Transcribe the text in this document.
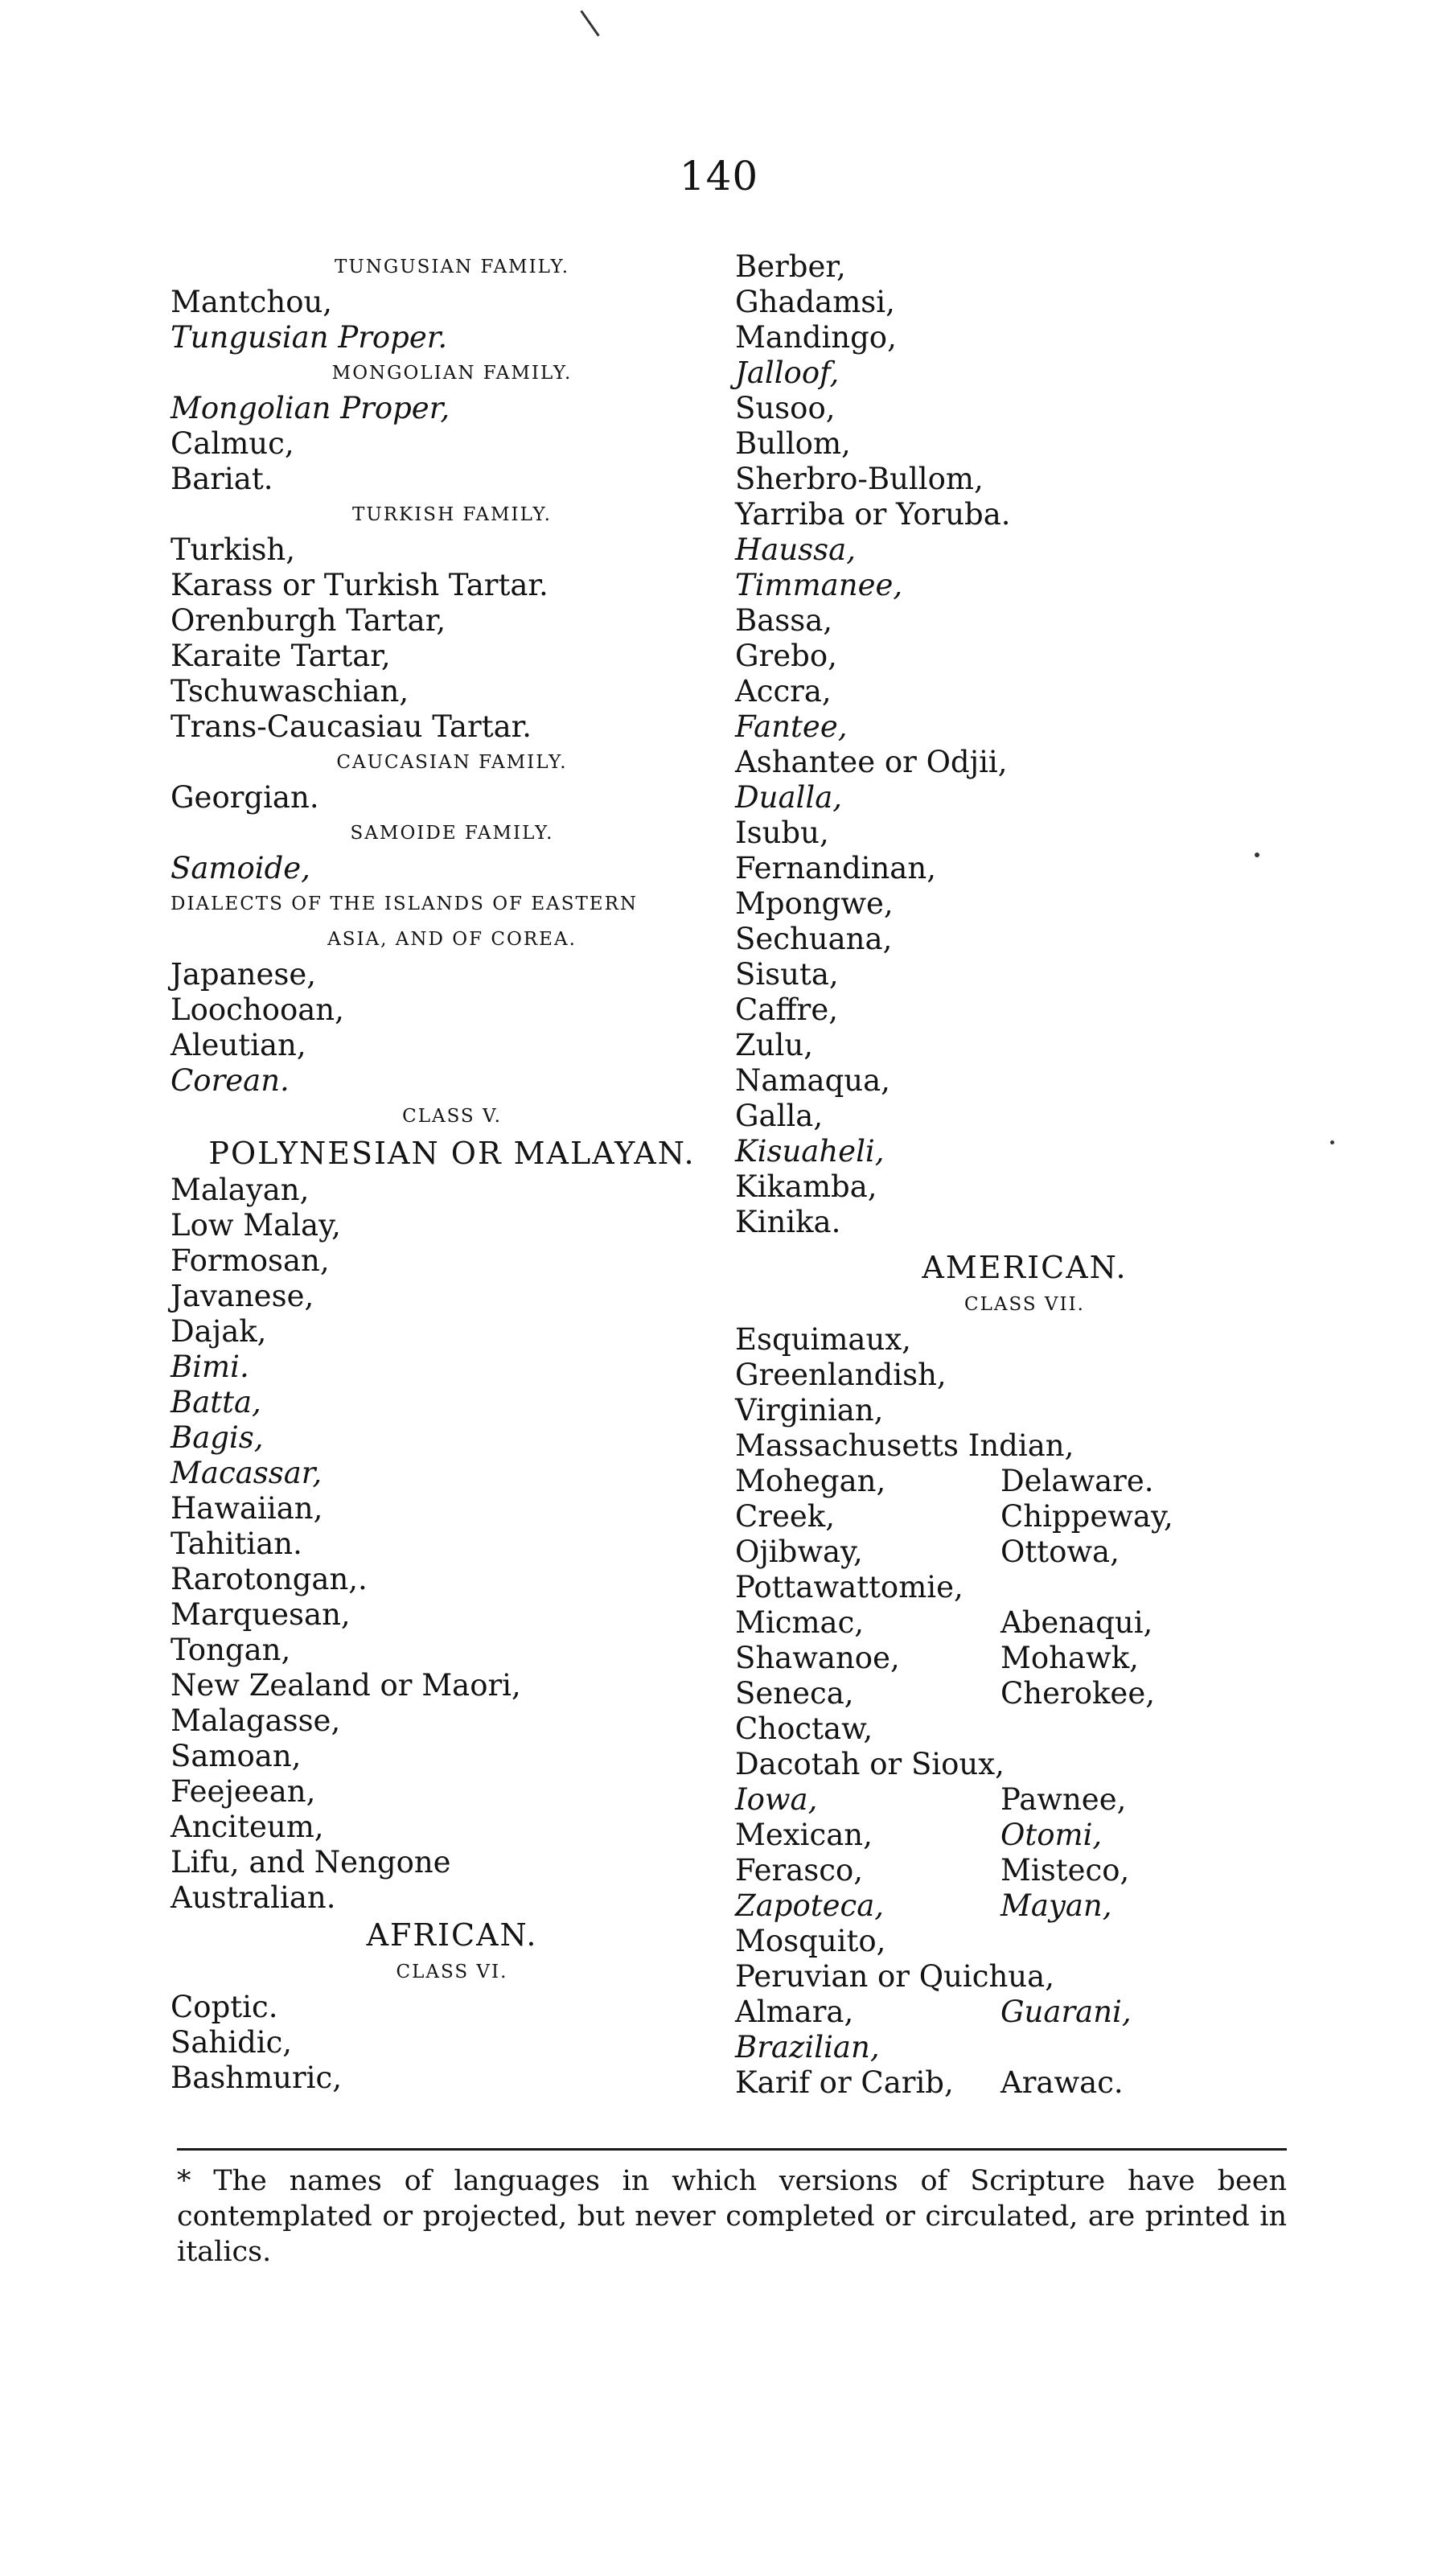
140
TUNGUSIAN FAMILY.
Mantchou,
Tungusian Proper.
MONGOLIAN FAMILY.
Mongolian Proper,
Calmuc,
Bariat.
TURKISH FAMILY.
Turkish,
Karass or Turkish Tartar.
Orenburgh Tartar,
Karaite Tartar,
Tschuwaschian,
Trans-Caucasiau Tartar.
CAUCASIAN FAMILY.
Georgian.
SAMOIDE FAMILY.
Samoide,
DIALECTS OF THE ISLANDS OF EASTERN
ASIA, AND OF COREA.
Japanese,
Loochooan,
Aleutian,
Corean.
CLASS V.
POLYNESIAN OR MALAYAN.
Malayan,
Low Malay,
Formosan,
Javanese,
Dajak,
Bimi.
Batta,
Bagis,
Macassar,
Hawaiian,
Tahitian.
Rarotongan,.
Marquesan,
Tongan,
New Zealand or Maori,
Malagasse,
Samoan,
Feejeean,
Anciteum,
Lifu, and Nengone
Australian.
AFRICAN.
CLASS VI.
Coptic.
Sahidic,
Bashmuric,
Berber,
Ghadamsi,
Mandingo,
Jalloof,
Susoo,
Bullom,
Sherbro-Bullom,
Yarriba or Yoruba.
Haussa,
Timmanee,
Bassa,
Grebo,
Accra,
Fantee,
Ashantee or Odjii,
Dualla,
Isubu,
Fernandinan,
Mpongwe,
Sechuana,
Sisuta,
Caffre,
Zulu,
Namaqua,
Galla,
Kisuaheli,
Kikamba,
Kinika.
AMERICAN.
CLASS VII.
Esquimaux,
Greenlandish,
Virginian,
Massachusetts Indian,
Mohegan,	Delaware.
Creek,	Chippeway,
Ojibway,	Ottowa,
Pottawattomie,
Micmac,	Abenaqui,
Shawanoe,	Mohawk,
Seneca,	Cherokee,
Choctaw,
Dacotah or Sioux,
Iowa,	Pawnee,
Mexican,	Otomi,
Ferasco,	Misteco,
Zapoteca,	Mayan,
Mosquito,
Peruvian or Quichua,
Almara,	Guarani,
Brazilian,
Karif or Carib,	Arawac.
* The names of languages in which versions of Scripture have been contemplated or projected, but never completed or circulated, are printed in italics.
